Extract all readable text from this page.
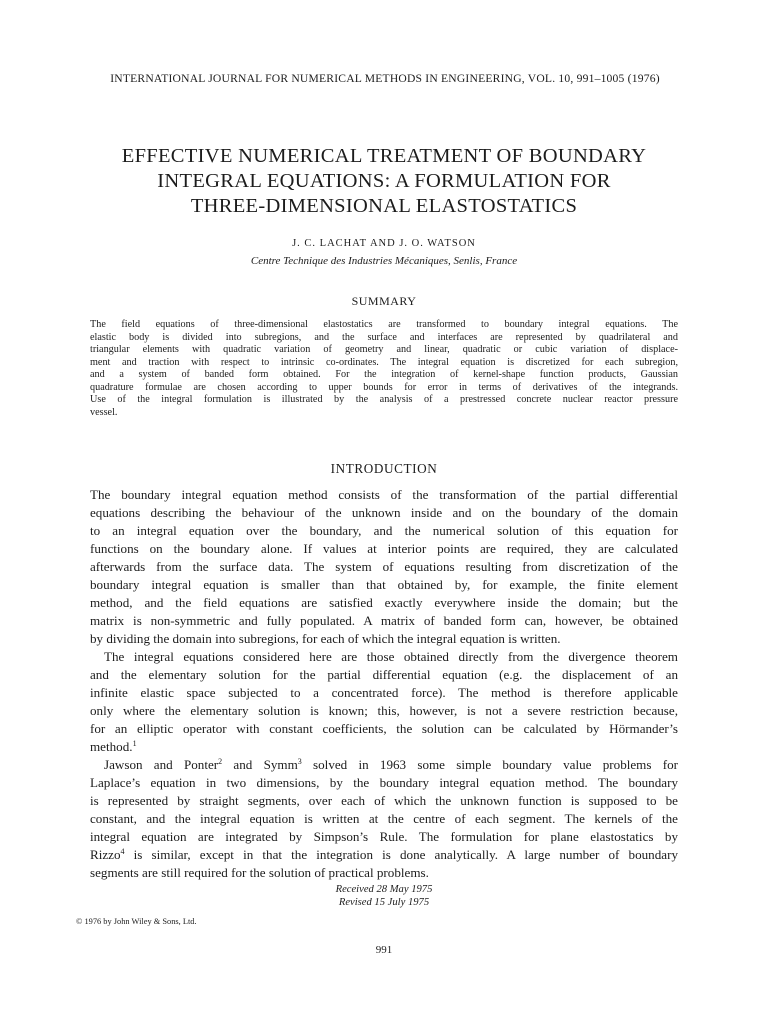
INTERNATIONAL JOURNAL FOR NUMERICAL METHODS IN ENGINEERING, VOL. 10, 991–1005 (1976)
EFFECTIVE NUMERICAL TREATMENT OF BOUNDARY
INTEGRAL EQUATIONS: A FORMULATION FOR
THREE-DIMENSIONAL ELASTOSTATICS
J. C. LACHAT AND J. O. WATSON
Centre Technique des Industries Mécaniques, Senlis, France
SUMMARY
The field equations of three-dimensional elastostatics are transformed to boundary integral equations. The
elastic body is divided into subregions, and the surface and interfaces are represented by quadrilateral and
triangular elements with quadratic variation of geometry and linear, quadratic or cubic variation of displace-
ment and traction with respect to intrinsic co-ordinates. The integral equation is discretized for each subregion,
and a system of banded form obtained. For the integration of kernel-shape function products, Gaussian
quadrature formulae are chosen according to upper bounds for error in terms of derivatives of the integrands.
Use of the integral formulation is illustrated by the analysis of a prestressed concrete nuclear reactor pressure
vessel.
INTRODUCTION
The boundary integral equation method consists of the transformation of the partial differential
equations describing the behaviour of the unknown inside and on the boundary of the domain
to an integral equation over the boundary, and the numerical solution of this equation for
functions on the boundary alone. If values at interior points are required, they are calculated
afterwards from the surface data. The system of equations resulting from discretization of the
boundary integral equation is smaller than that obtained by, for example, the finite element
method, and the field equations are satisfied exactly everywhere inside the domain; but the
matrix is non-symmetric and fully populated. A matrix of banded form can, however, be obtained
by dividing the domain into subregions, for each of which the integral equation is written.
The integral equations considered here are those obtained directly from the divergence theorem
and the elementary solution for the partial differential equation (e.g. the displacement of an
infinite elastic space subjected to a concentrated force). The method is therefore applicable
only where the elementary solution is known; this, however, is not a severe restriction because,
for an elliptic operator with constant coefficients, the solution can be calculated by Hörmander’s
method.$^1$
Jawson and Ponter$^2$ and Symm$^3$ solved in 1963 some simple boundary value problems for
Laplace’s equation in two dimensions, by the boundary integral equation method. The boundary
is represented by straight segments, over each of which the unknown function is supposed to be
constant, and the integral equation is written at the centre of each segment. The kernels of the
integral equation are integrated by Simpson’s Rule. The formulation for plane elastostatics by
Rizzo$^4$ is similar, except in that the integration is done analytically. A large number of boundary
segments are still required for the solution of practical problems.
Received 28 May 1975
Revised 15 July 1975
© 1976 by John Wiley & Sons, Ltd.
991
